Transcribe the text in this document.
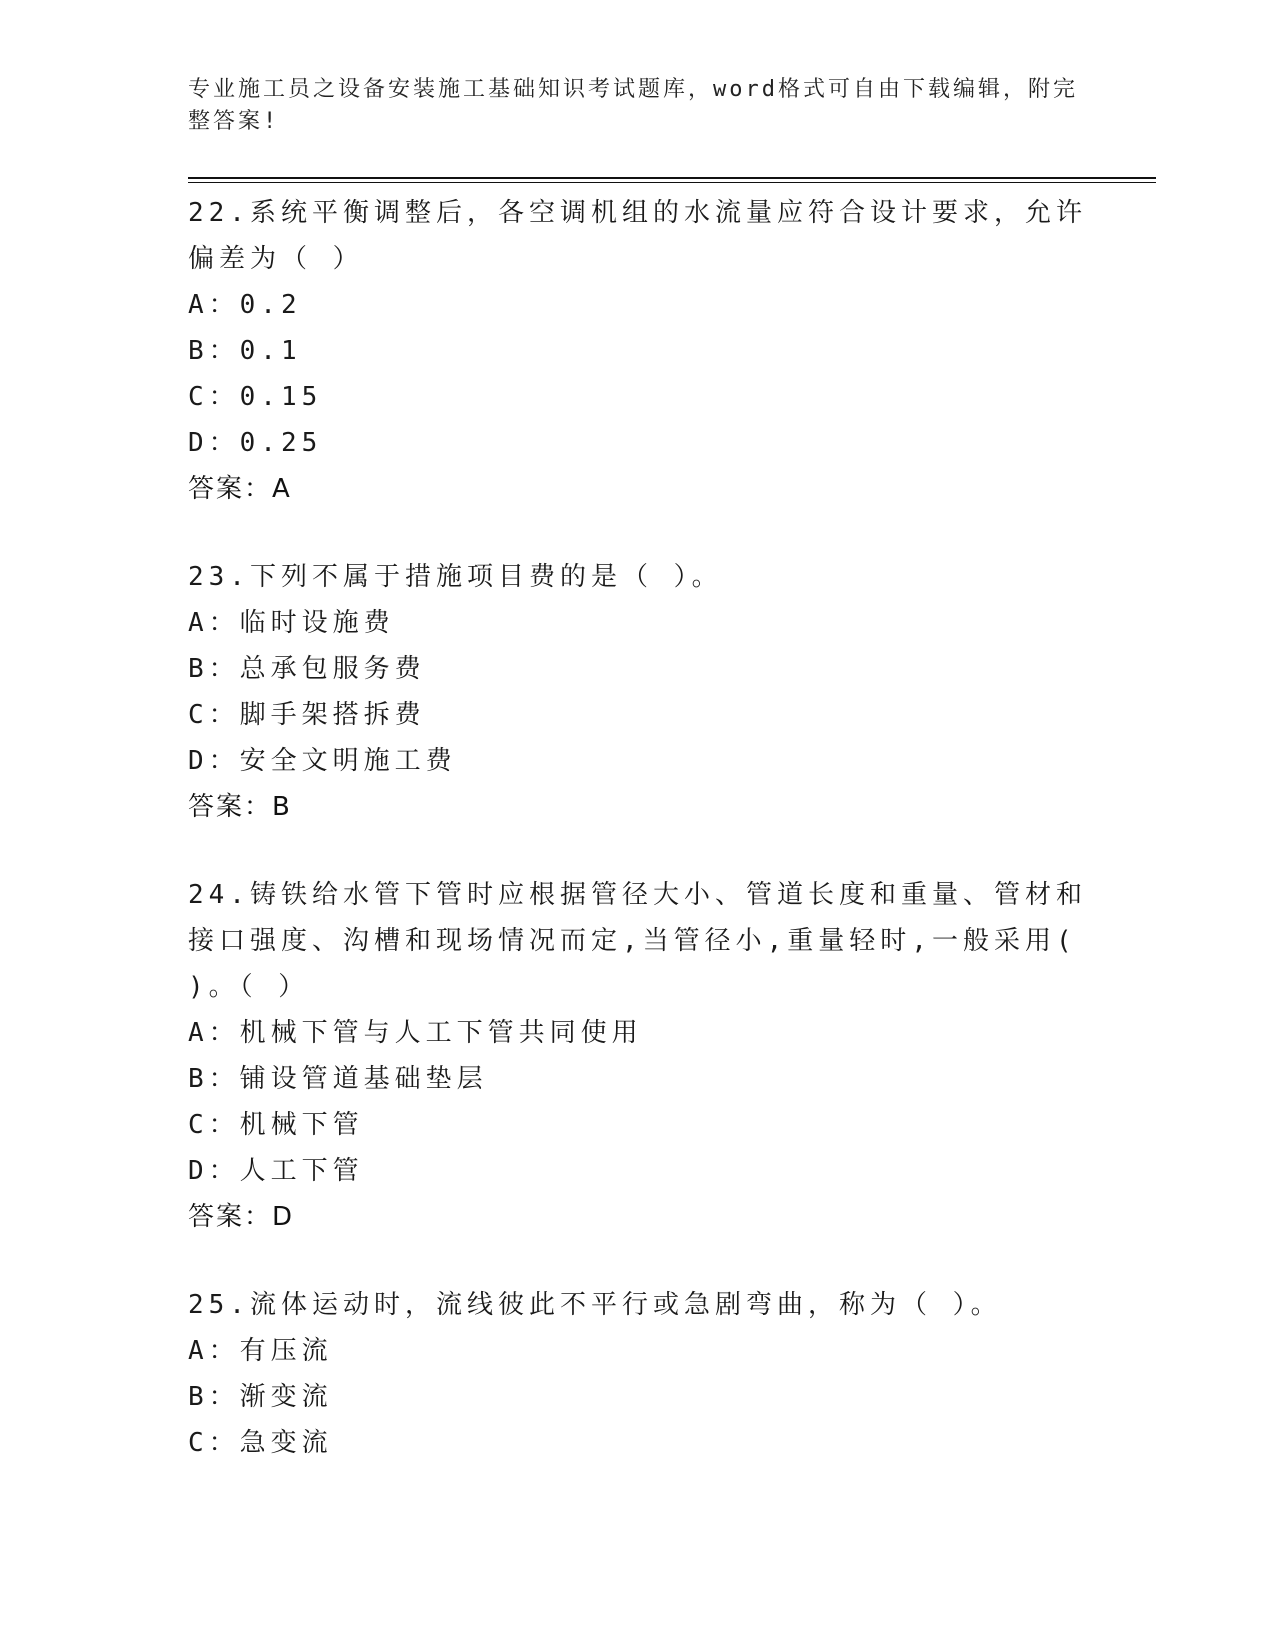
专业施工员之设备安装施工基础知识考试题库，word格式可自由下载编辑，附完整答案!
22.系统平衡调整后，各空调机组的水流量应符合设计要求，允许偏差为（ ）
A：0.2
B：0.1
C：0.15
D：0.25
答案：A
23.下列不属于措施项目费的是（ ）。
A：临时设施费
B：总承包服务费
C：脚手架搭拆费
D：安全文明施工费
答案：B
24.铸铁给水管下管时应根据管径大小、管道长度和重量、管材和接口强度、沟槽和现场情况而定,当管径小,重量轻时,一般采用( )。（ ）
A：机械下管与人工下管共同使用
B：铺设管道基础垫层
C：机械下管
D：人工下管
答案：D
25.流体运动时，流线彼此不平行或急剧弯曲，称为（ ）。
A：有压流
B：渐变流
C：急变流
